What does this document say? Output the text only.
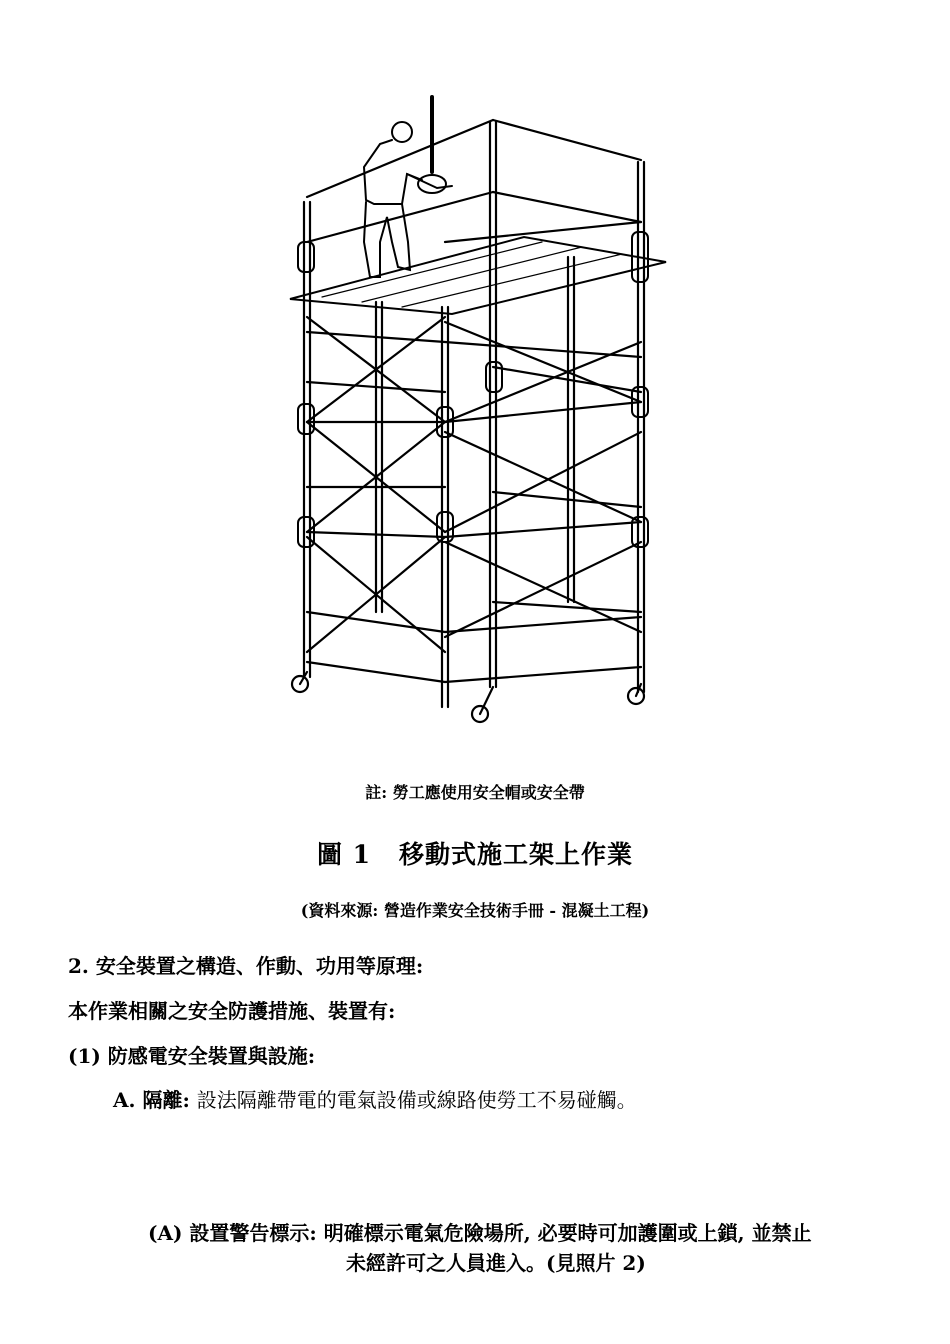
註: 勞工應使用安全帽或安全帶
圖 1 移動式施工架上作業
(資料來源: 營造作業安全技術手冊 - 混凝土工程)
2. 安全裝置之構造、作動、功用等原理:
本作業相關之安全防護措施、裝置有:
(1) 防感電安全裝置與設施:
A. 隔離: 設法隔離帶電的電氣設備或線路使勞工不易碰觸。
(A) 設置警告標示: 明確標示電氣危險場所, 必要時可加護圍或上鎖, 並禁止
未經許可之人員進入。(見照片 2)
